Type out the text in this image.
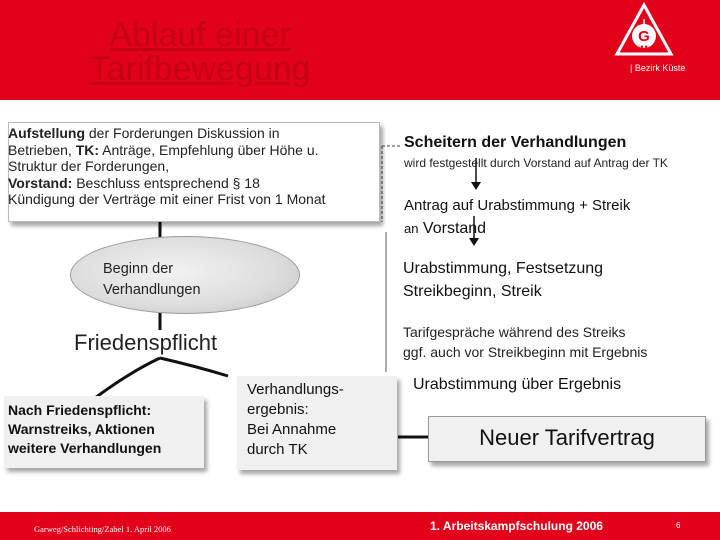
Ablauf einer
Tarifbewegung
G
I
M
| Bezirk Küste

Aufstellung der Forderungen Diskussion in

Betrieben, TK: Anträge, Empfehlung über Höhe u.

Struktur der Forderungen,

Vorstand: Beschluss entsprechend § 18

Kündigung der Verträge mit einer Frist von 1 Monat

Beginn der
Verhandlungen
Friedenspflicht
Nach Friedenspflicht:
Warnstreiks, Aktionen
weitere Verhandlungen
Verhandlungs-
ergebnis:
Bei Annahme
durch TK
Scheitern der Verhandlungen
wird festgestellt durch Vorstand auf Antrag der TK
Antrag auf Urabstimmung + Streik
an Vorstand
Urabstimmung, Festsetzung
Streikbeginn, Streik
Tarifgespräche während des Streiks
ggf. auch vor Streikbeginn mit Ergebnis
Urabstimmung über Ergebnis
Neuer Tarifvertrag
Garweg/Schlichting/Zabel 1. April 2006	1. Arbeitskampfschulung 2006	6
